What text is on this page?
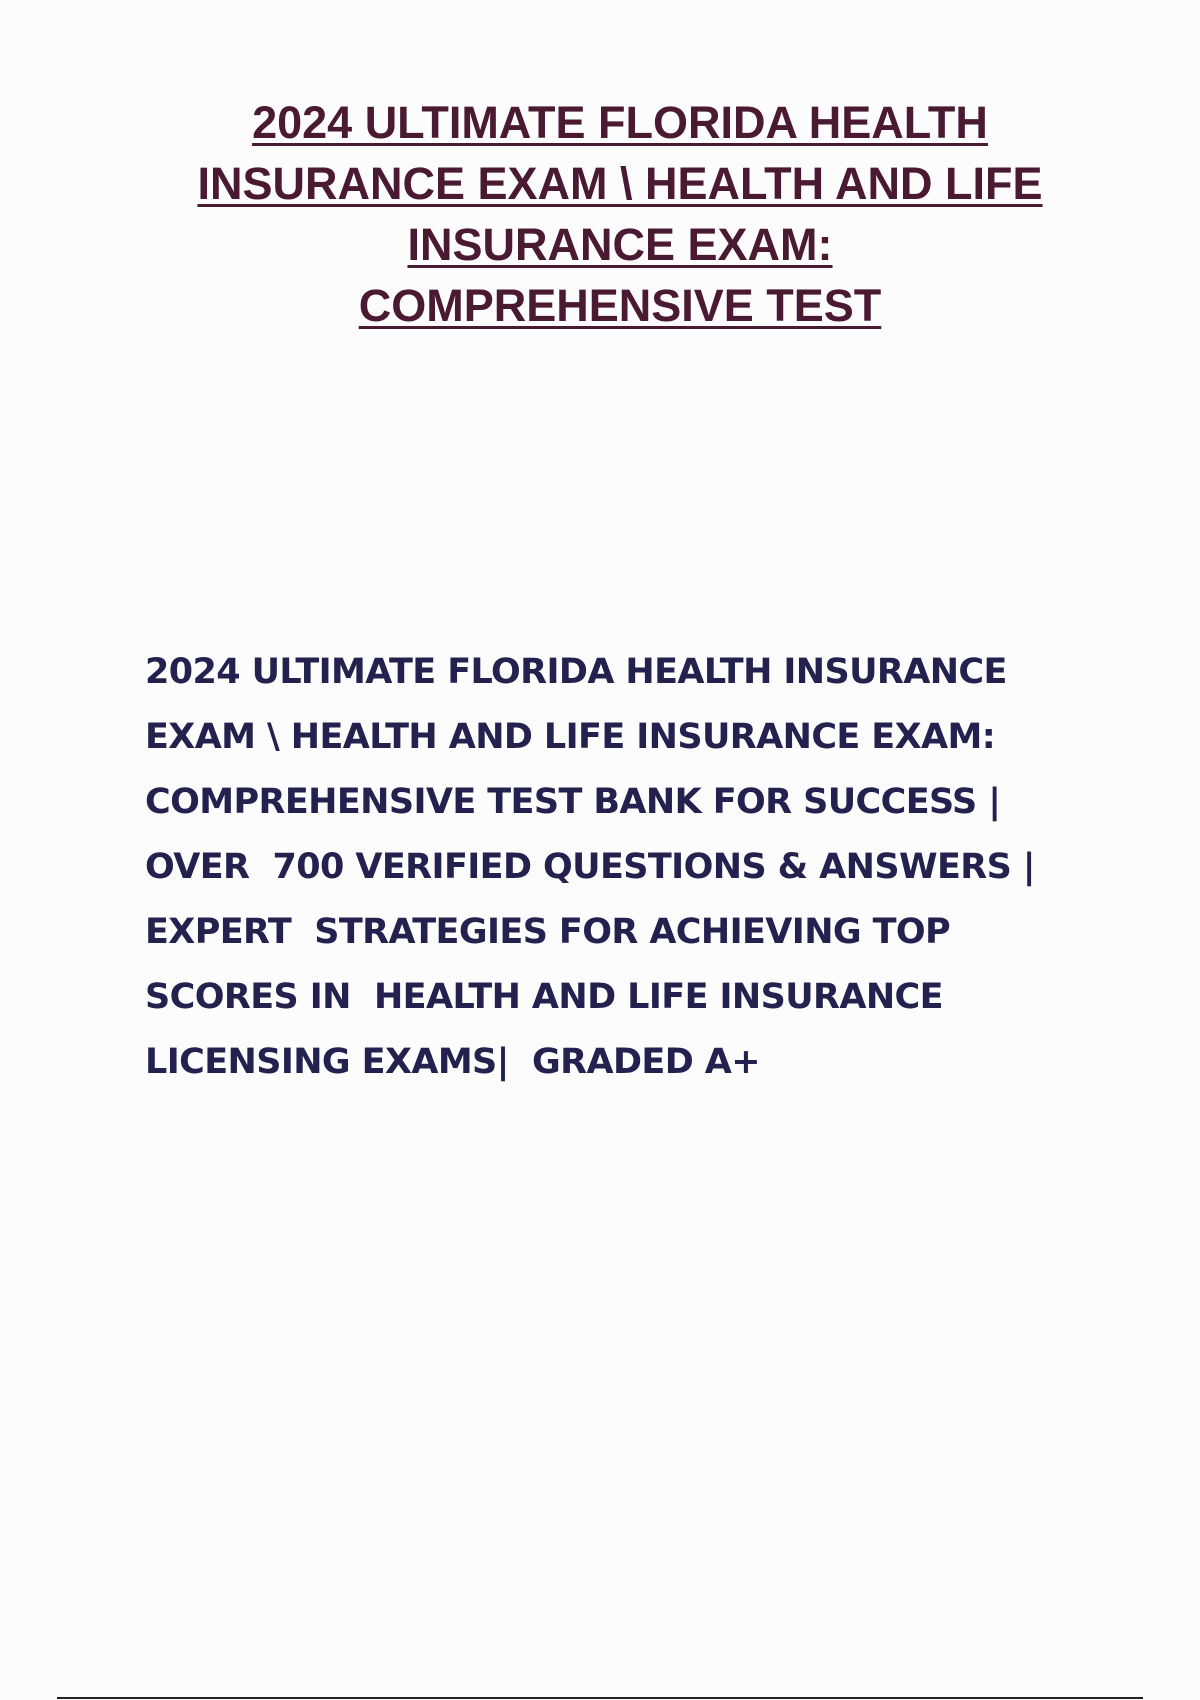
2024 ULTIMATE FLORIDA HEALTH
INSURANCE EXAM \ HEALTH AND LIFE
INSURANCE EXAM:
COMPREHENSIVE TEST
2024 ULTIMATE FLORIDA HEALTH INSURANCE
EXAM \ HEALTH AND LIFE INSURANCE EXAM:
COMPREHENSIVE TEST BANK FOR SUCCESS |
OVER  700 VERIFIED QUESTIONS & ANSWERS |
EXPERT  STRATEGIES FOR ACHIEVING TOP
SCORES IN  HEALTH AND LIFE INSURANCE
LICENSING EXAMS|  GRADED A+
